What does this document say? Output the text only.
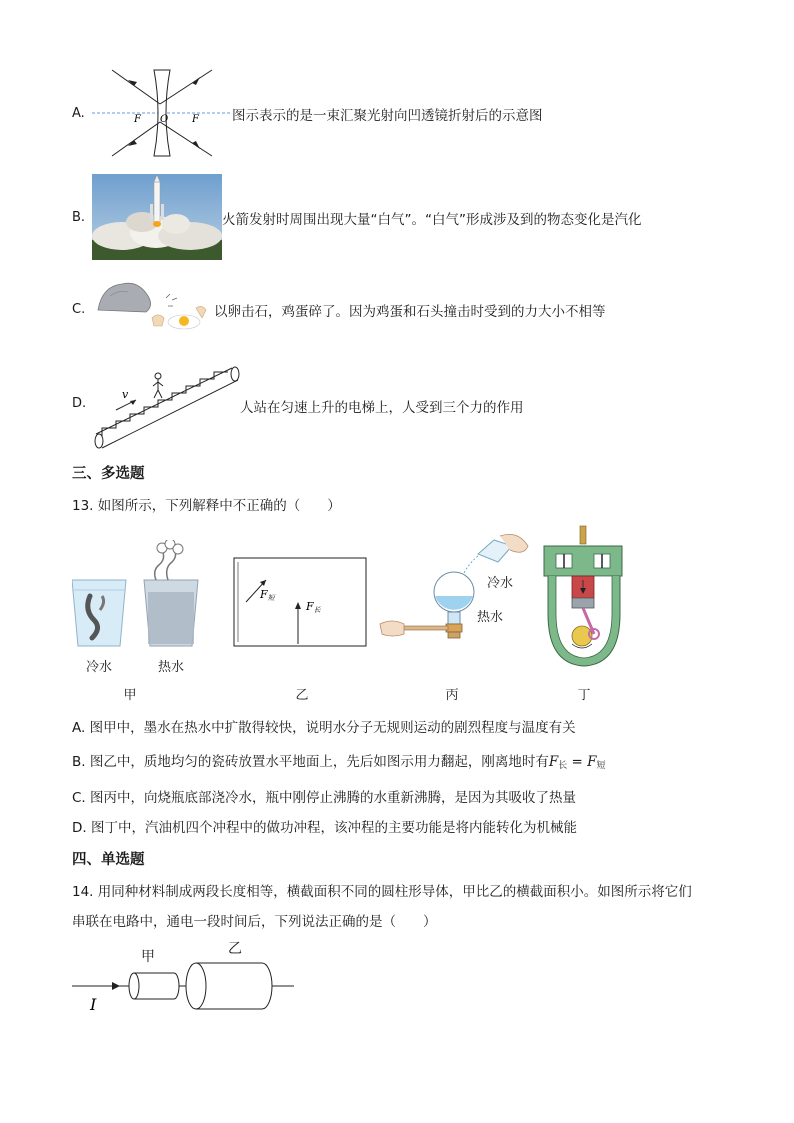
A.	F O F 图示表示的是一束汇聚光射向凹透镜折射后的示意图
B.	火箭发射时周围出现大量“白气”。“白气”形成涉及到的物态变化是汽化
C.	以卵击石，鸡蛋碎了。因为鸡蛋和石头撞击时受到的力大小不相等
D.
v
人站在匀速上升的电梯上，人受到三个力的作用
三、多选题
13. 如图所示，下列解释中不正确的（　　）
冷水	热水
甲
F短
F长
乙
冷水
热水
丙	丁
A. 图甲中，墨水在热水中扩散得较快，说明水分子无规则运动的剧烈程度与温度有关
B. 图乙中，质地均匀的瓷砖放置水平地面上，先后如图示用力翻起，刚离地时有$F_长 = F_短$
C. 图丙中，向烧瓶底部浇冷水，瓶中刚停止沸腾的水重新沸腾，是因为其吸收了热量
D. 图丁中，汽油机四个冲程中的做功冲程，该冲程的主要功能是将内能转化为机械能
四、单选题
14. 用同种材料制成两段长度相等，横截面积不同的圆柱形导体，甲比乙的横截面积小。如图所示将它们
串联在电路中，通电一段时间后，下列说法正确的是（　　）
I
甲	乙
